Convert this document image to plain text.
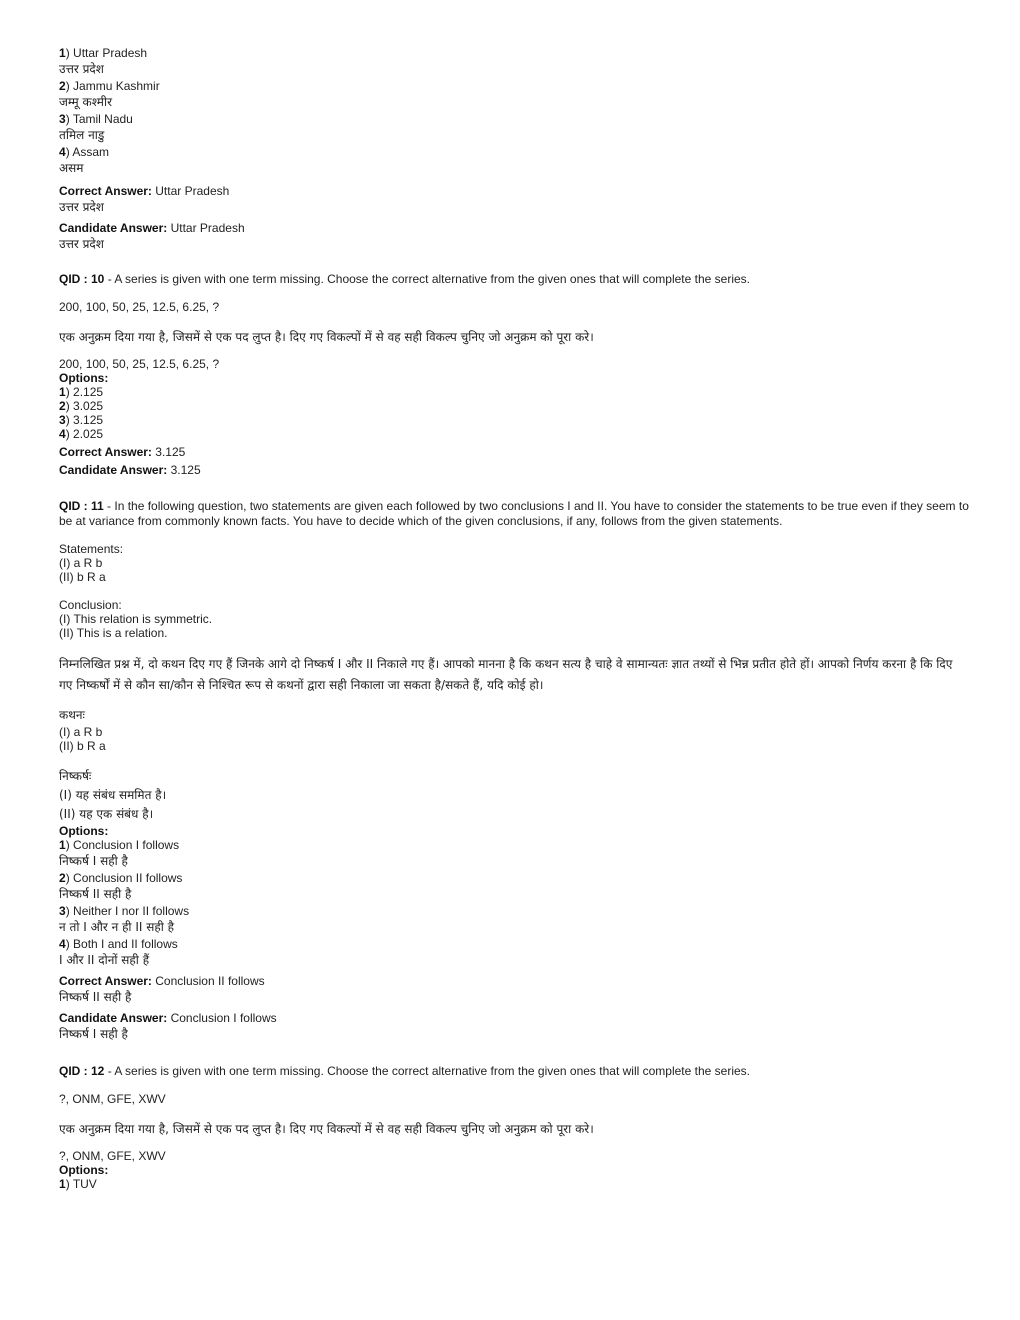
1) Uttar Pradesh
उत्तर प्रदेश
2) Jammu Kashmir
जम्मू कश्मीर
3) Tamil Nadu
तमिल नाडु
4) Assam
असम
Correct Answer: Uttar Pradesh
उत्तर प्रदेश
Candidate Answer: Uttar Pradesh
उत्तर प्रदेश
QID : 10 - A series is given with one term missing. Choose the correct alternative from the given ones that will complete the series.
200, 100, 50, 25, 12.5, 6.25, ?
एक अनुक्रम दिया गया है, जिसमें से एक पद लुप्त है। दिए गए विकल्पों में से वह सही विकल्प चुनिए जो अनुक्रम को पूरा करे।
200, 100, 50, 25, 12.5, 6.25, ?
Options:
1) 2.125
2) 3.025
3) 3.125
4) 2.025
Correct Answer: 3.125
Candidate Answer: 3.125
QID : 11 - In the following question, two statements are given each followed by two conclusions I and II. You have to consider the statements to be true even if they seem to be at variance from commonly known facts. You have to decide which of the given conclusions, if any, follows from the given statements.
Statements:
(I) a R b
(II) b R a
Conclusion:
(I) This relation is symmetric.
(II) This is a relation.
निम्नलिखित प्रश्न में, दो कथन दिए गए हैं जिनके आगे दो निष्कर्ष I और II निकाले गए हैं। आपको मानना है कि कथन सत्य है चाहे वे सामान्यतः ज्ञात तथ्यों से भिन्न प्रतीत होते हों। आपको निर्णय करना है कि दिए गए निष्कर्षों में से कौन सा/कौन से निश्चित रूप से कथनों द्वारा सही निकाला जा सकता है/सकते हैं, यदि कोई हो।
कथनः
(I) a R b
(II) b R a
निष्कर्षः
(I) यह संबंध सममित है।
(II) यह एक संबंध है।
Options:
1) Conclusion I follows
निष्कर्ष I सही है
2) Conclusion II follows
निष्कर्ष II सही है
3) Neither I nor II follows
न तो I और न ही II सही है
4) Both I and II follows
I और II दोनों सही हैं
Correct Answer: Conclusion II follows
निष्कर्ष II सही है
Candidate Answer: Conclusion I follows
निष्कर्ष I सही है
QID : 12 - A series is given with one term missing. Choose the correct alternative from the given ones that will complete the series.
?, ONM, GFE, XWV
एक अनुक्रम दिया गया है, जिसमें से एक पद लुप्त है। दिए गए विकल्पों में से वह सही विकल्प चुनिए जो अनुक्रम को पूरा करे।
?, ONM, GFE, XWV
Options:
1) TUV
